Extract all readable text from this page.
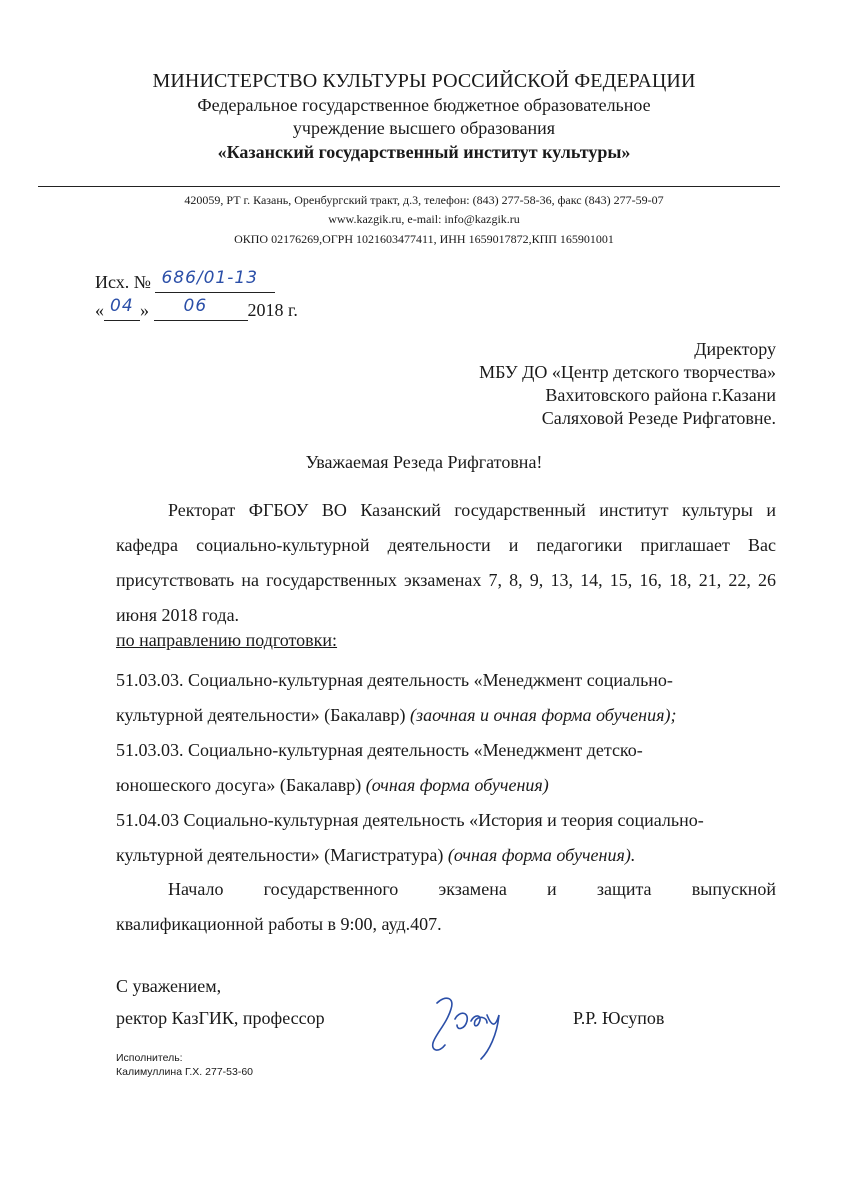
МИНИСТЕРСТВО КУЛЬТУРЫ РОССИЙСКОЙ ФЕДЕРАЦИИ
Федеральное государственное бюджетное образовательное
учреждение высшего образования
«Казанский государственный институт культуры»
420059, РТ г. Казань, Оренбургский тракт, д.3, телефон: (843) 277-58-36, факс (843) 277-59-07
www.kazgik.ru, e-mail: info@kazgik.ru
ОКПО 02176269,ОГРН 1021603477411, ИНН 1659017872,КПП 165901001
Исх. № 686/01-13
« 04 » 06 2018 г.
Директору
МБУ ДО «Центр детского творчества»
Вахитовского района г.Казани
Саляховой Резеде Рифгатовне.
Уважаемая Резеда Рифгатовна!
Ректорат ФГБОУ ВО Казанский государственный институт культуры и кафедра социально-культурной деятельности и педагогики приглашает Вас присутствовать на государственных экзаменах 7, 8, 9, 13, 14, 15, 16, 18, 21, 22, 26 июня 2018 года.
по направлению подготовки:
51.03.03. Социально-культурная деятельность «Менеджмент социально-
культурной деятельности» (Бакалавр) (заочная и очная форма обучения);
51.03.03. Социально-культурная деятельность «Менеджмент детско-
юношеского досуга» (Бакалавр) (очная форма обучения)
51.04.03 Социально-культурная деятельность «История и теория социально-
культурной деятельности» (Магистратура) (очная форма обучения).
Начало государственного экзамена и защита выпускной
квалификационной работы в 9:00, ауд.407.
С уважением,
ректор КазГИК, профессор	Р.Р. Юсупов
Исполнитель:
Калимуллина Г.Х. 277-53-60
